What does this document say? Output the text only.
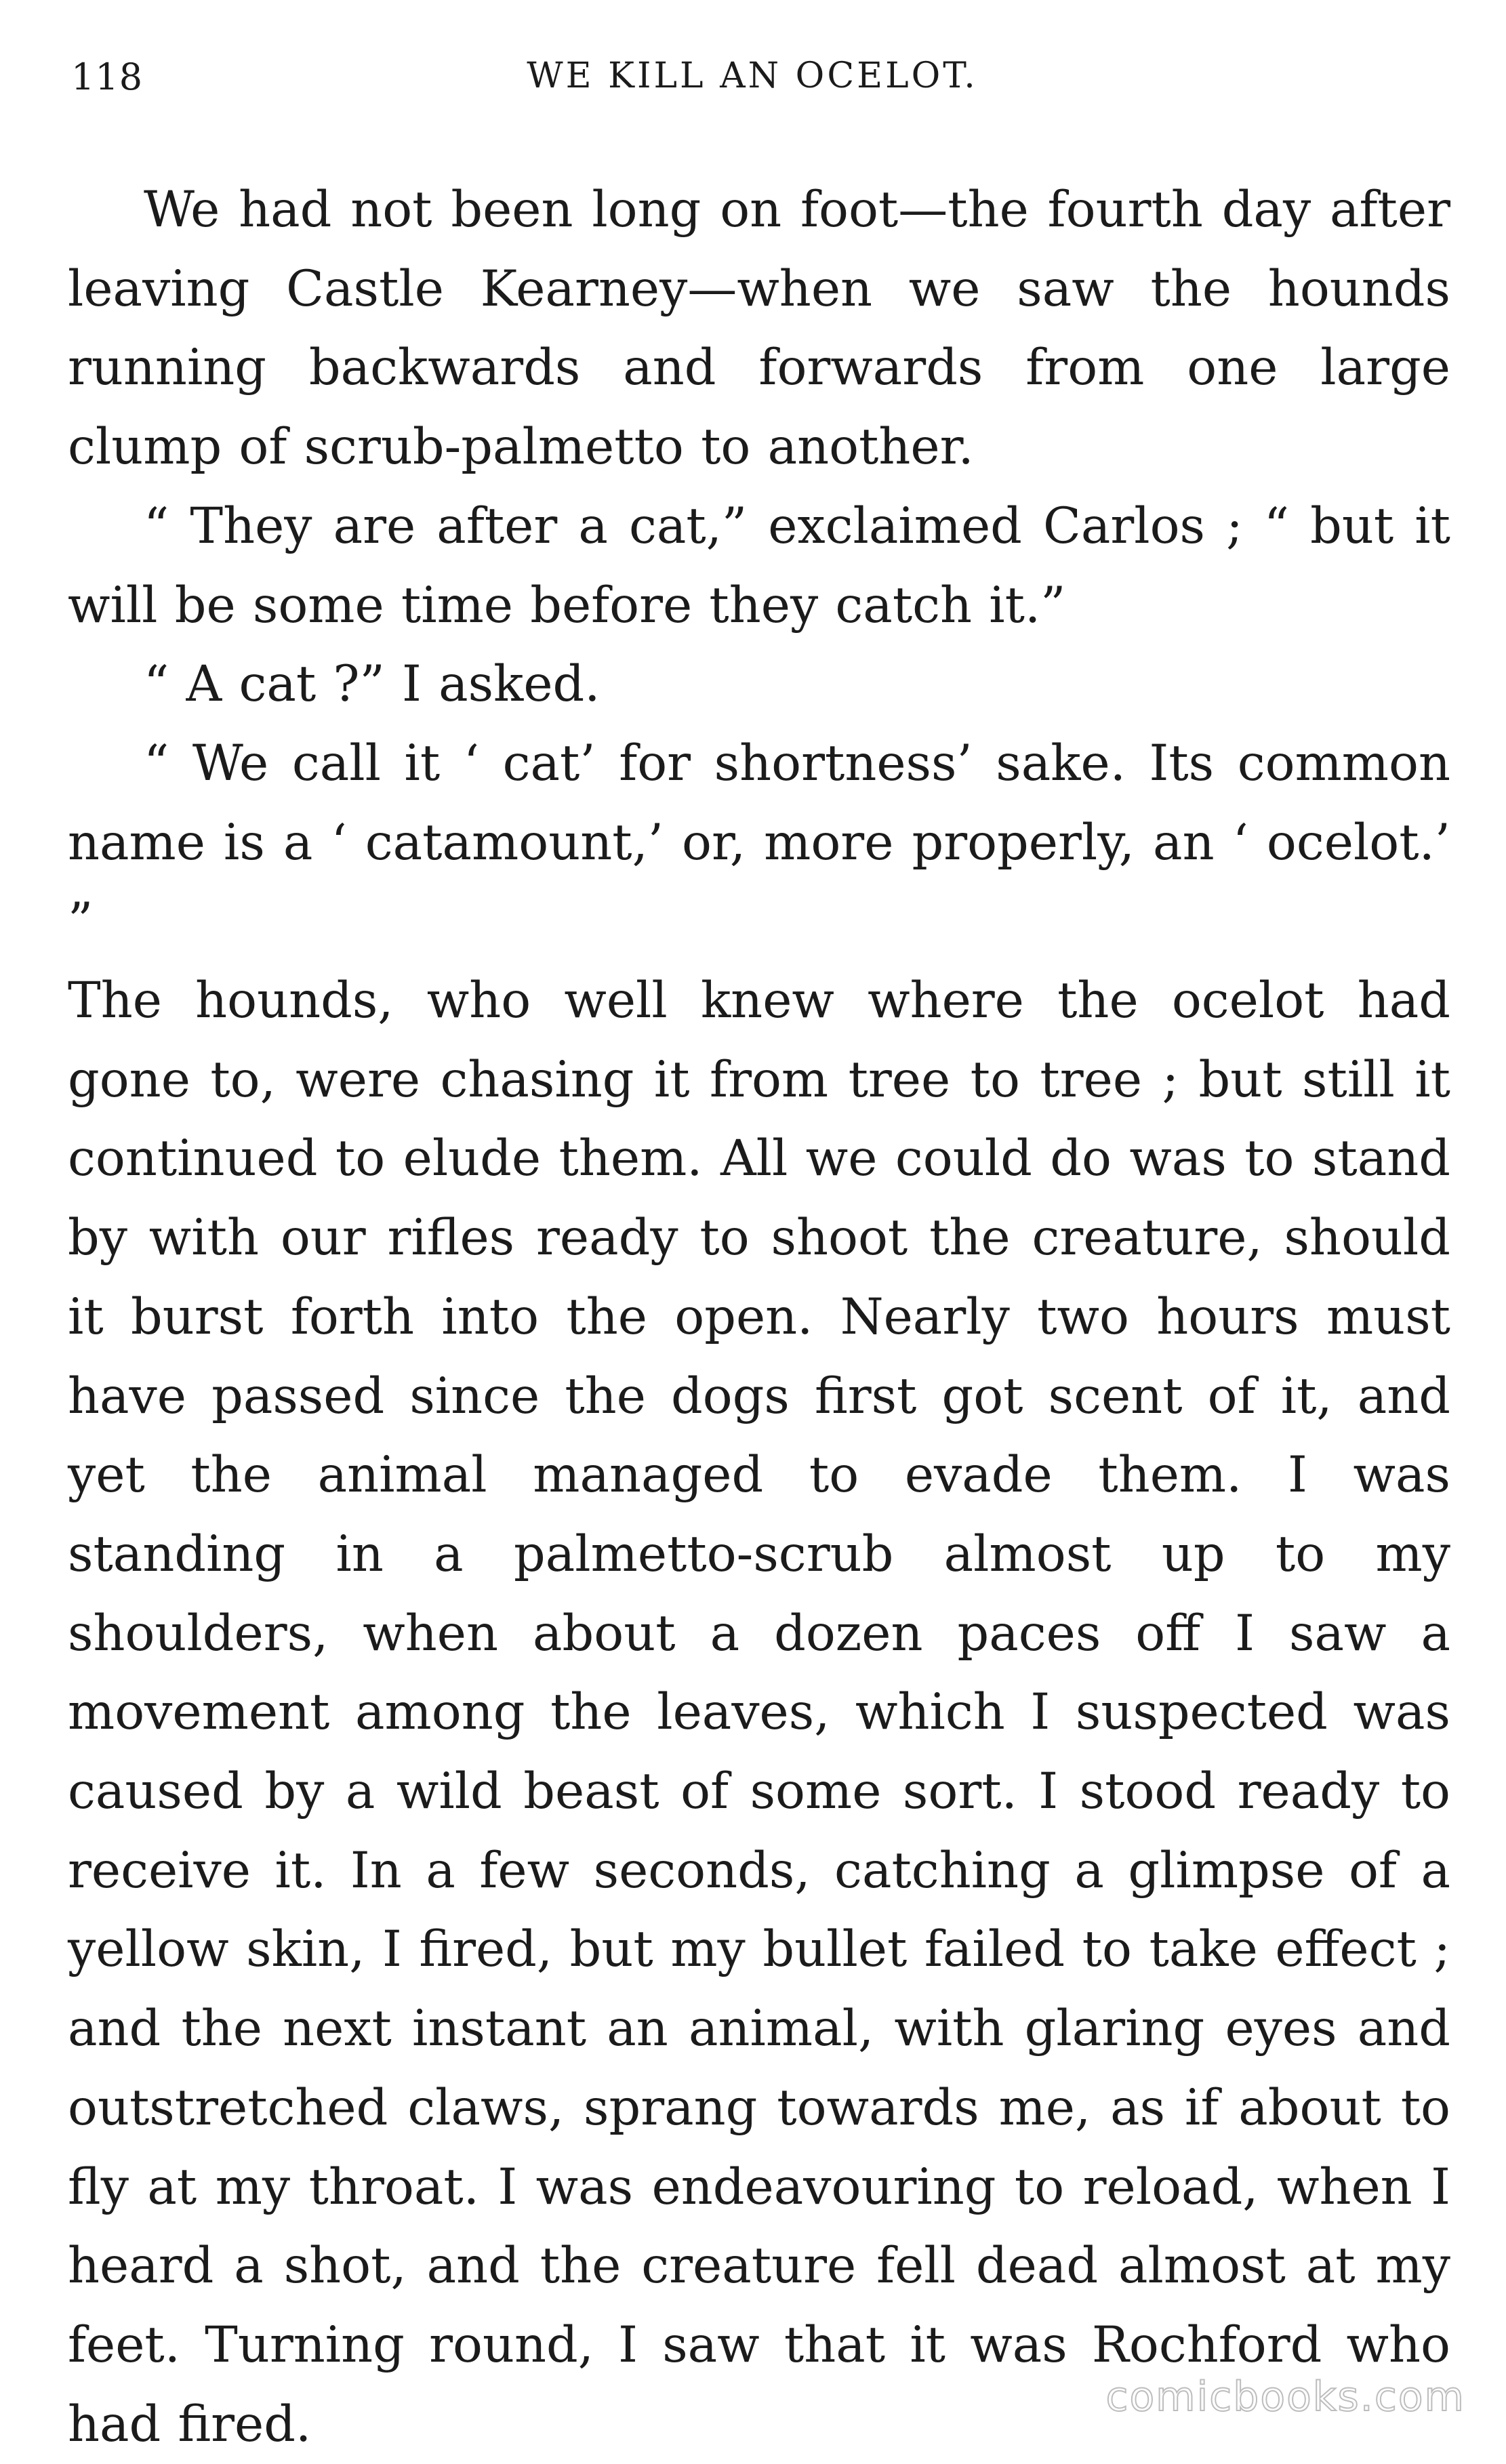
118	WE KILL AN OCELOT.

We had not been long on foot—the fourth day after leaving Castle Kearney—when we saw the hounds running backwards and forwards from one large clump of scrub-palmetto to another.

“ They are after a cat,” exclaimed Carlos ; “ but it will be some time before they catch it.”

“ A cat ?” I asked.

“ We call it ‘ cat’ for shortness’ sake. Its common name is a ‘ catamount,’ or, more properly, an ‘ ocelot.’ ”

The hounds, who well knew where the ocelot had gone to, were chasing it from tree to tree ; but still it continued to elude them. All we could do was to stand by with our rifles ready to shoot the creature, should it burst forth into the open. Nearly two hours must have passed since the dogs first got scent of it, and yet the animal managed to evade them. I was standing in a palmetto-scrub almost up to my shoulders, when about a dozen paces off I saw a movement among the leaves, which I suspected was caused by a wild beast of some sort. I stood ready to receive it. In a few seconds, catching a glimpse of a yellow skin, I fired, but my bullet failed to take effect ; and the next instant an animal, with glaring eyes and outstretched claws, sprang towards me, as if about to fly at my throat. I was endeavouring to reload, when I heard a shot, and the creature fell dead almost at my feet. Turning round, I saw that it was Rochford who had fired.	comicbooks.com
